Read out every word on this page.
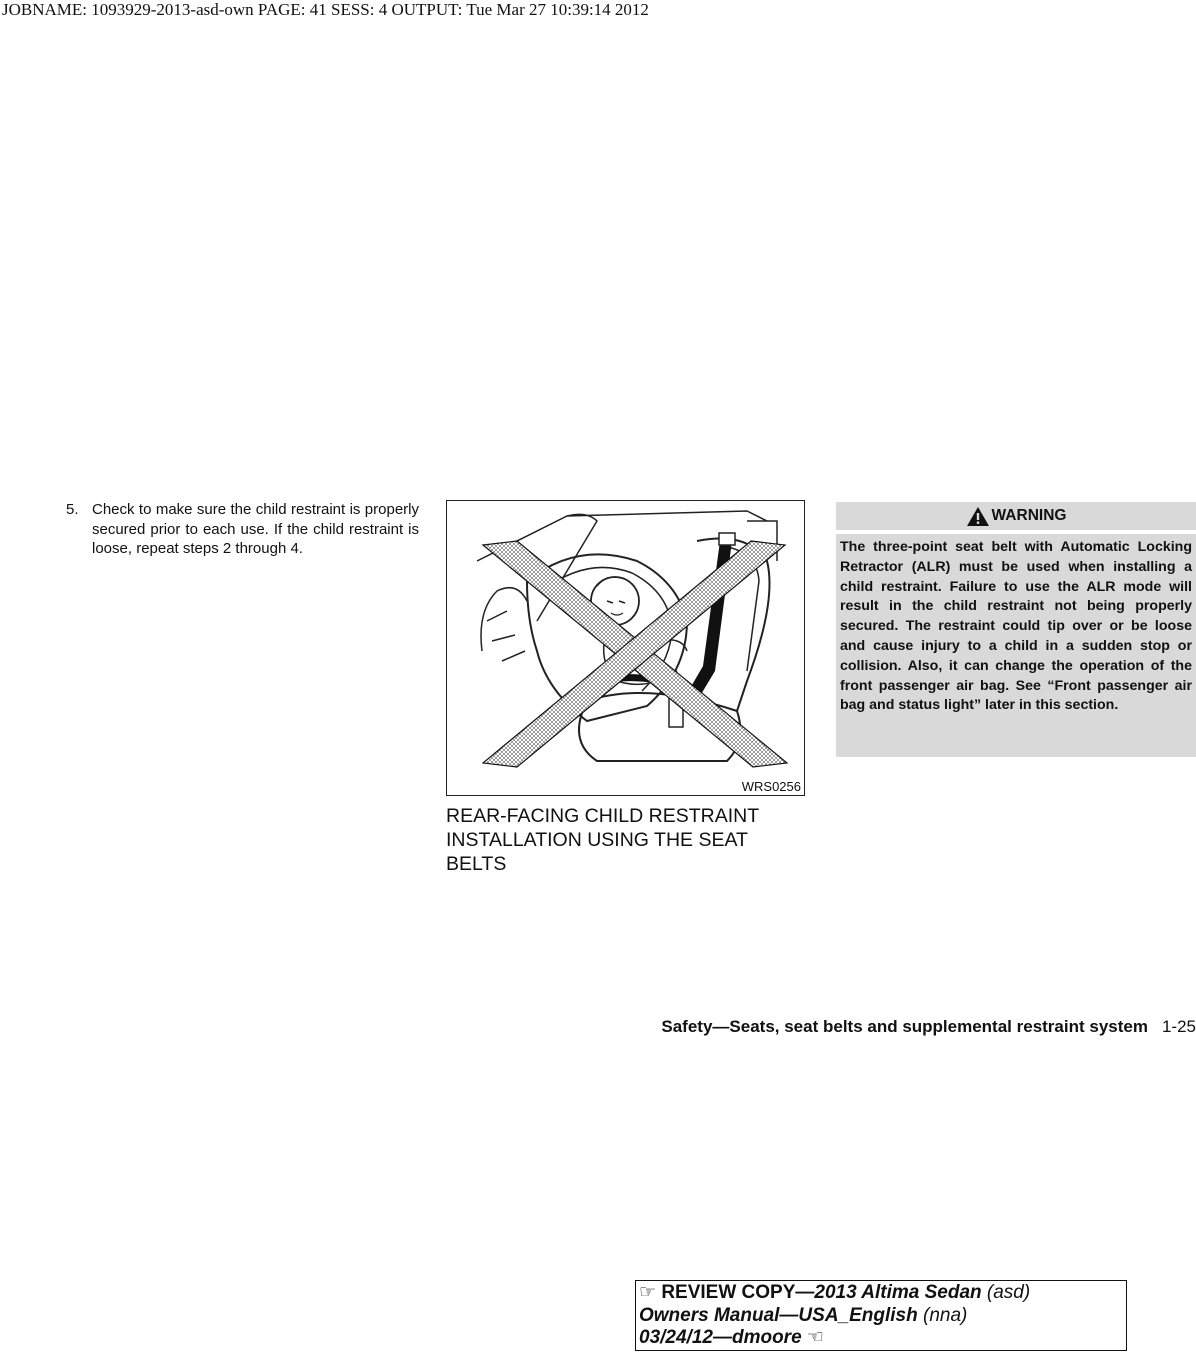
JOBNAME: 1093929-2013-asd-own PAGE: 41 SESS: 4 OUTPUT: Tue Mar 27 10:39:14 2012
5. Check to make sure the child restraint is properly secured prior to each use. If the child restraint is loose, repeat steps 2 through 4.
WRS0256
REAR-FACING CHILD RESTRAINT INSTALLATION USING THE SEAT BELTS
WARNING
The three-point seat belt with Automatic Locking Retractor (ALR) must be used when installing a child restraint. Failure to use the ALR mode will result in the child restraint not being properly secured. The restraint could tip over or be loose and cause injury to a child in a sudden stop or collision. Also, it can change the operation of the front passenger air bag. See “Front passenger air bag and status light” later in this section.
Safety—Seats, seat belts and supplemental restraint system 1-25
☞ REVIEW COPY—2013 Altima Sedan (asd)
Owners Manual—USA_English (nna)
03/24/12—dmoore ☜
